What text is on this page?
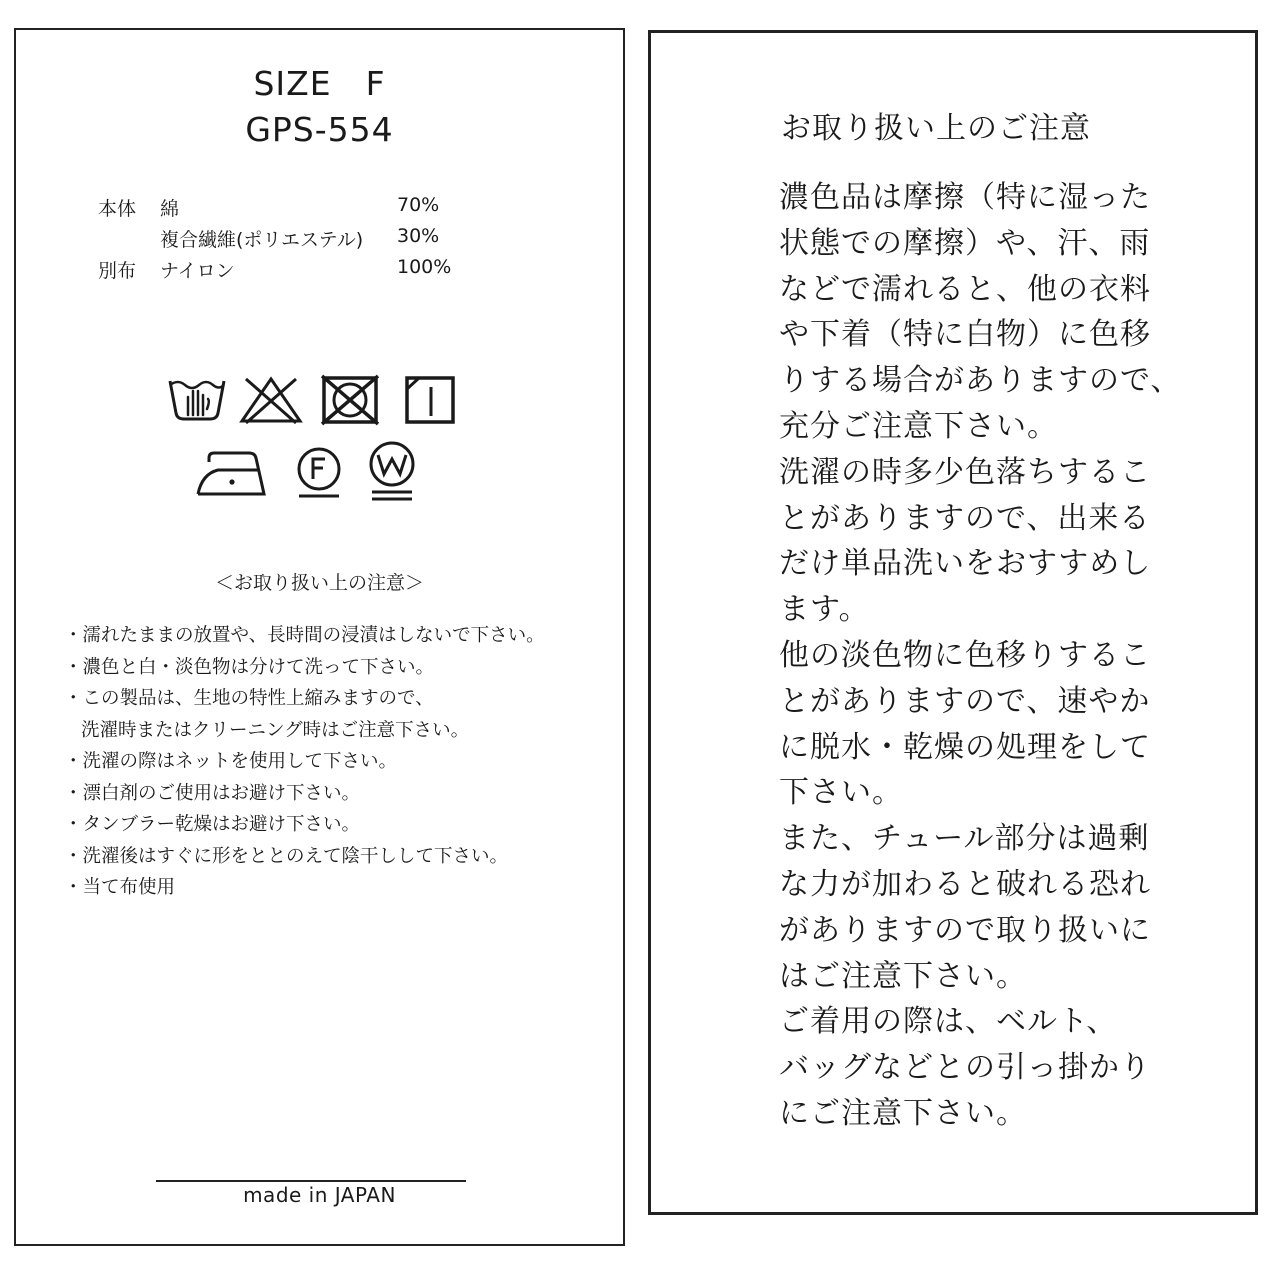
SIZE　F
GPS-554
本体 綿	70%
複合繊維(ポリエステル) 30%
別布 ナイロン	100%
＜お取り扱い上の注意＞
・濡れたままの放置や、長時間の浸漬はしないで下さい。
・濃色と白・淡色物は分けて洗って下さい。
・この製品は、生地の特性上縮みますので、
洗濯時またはクリーニング時はご注意下さい。
・洗濯の際はネットを使用して下さい。
・漂白剤のご使用はお避け下さい。
・タンブラー乾燥はお避け下さい。
・洗濯後はすぐに形をととのえて陰干しして下さい。
・当て布使用
made in JAPAN
お取り扱い上のご注意
濃色品は摩擦（特に湿った
状態での摩擦）や、汗、雨
などで濡れると、他の衣料
や下着（特に白物）に色移
りする場合がありますので、
充分ご注意下さい。
洗濯の時多少色落ちするこ
とがありますので、出来る
だけ単品洗いをおすすめし
ます。
他の淡色物に色移りするこ
とがありますので、速やか
に脱水・乾燥の処理をして
下さい。
また、チュール部分は過剰
な力が加わると破れる恐れ
がありますので取り扱いに
はご注意下さい。
ご着用の際は、ベルト、
バッグなどとの引っ掛かり
にご注意下さい。
